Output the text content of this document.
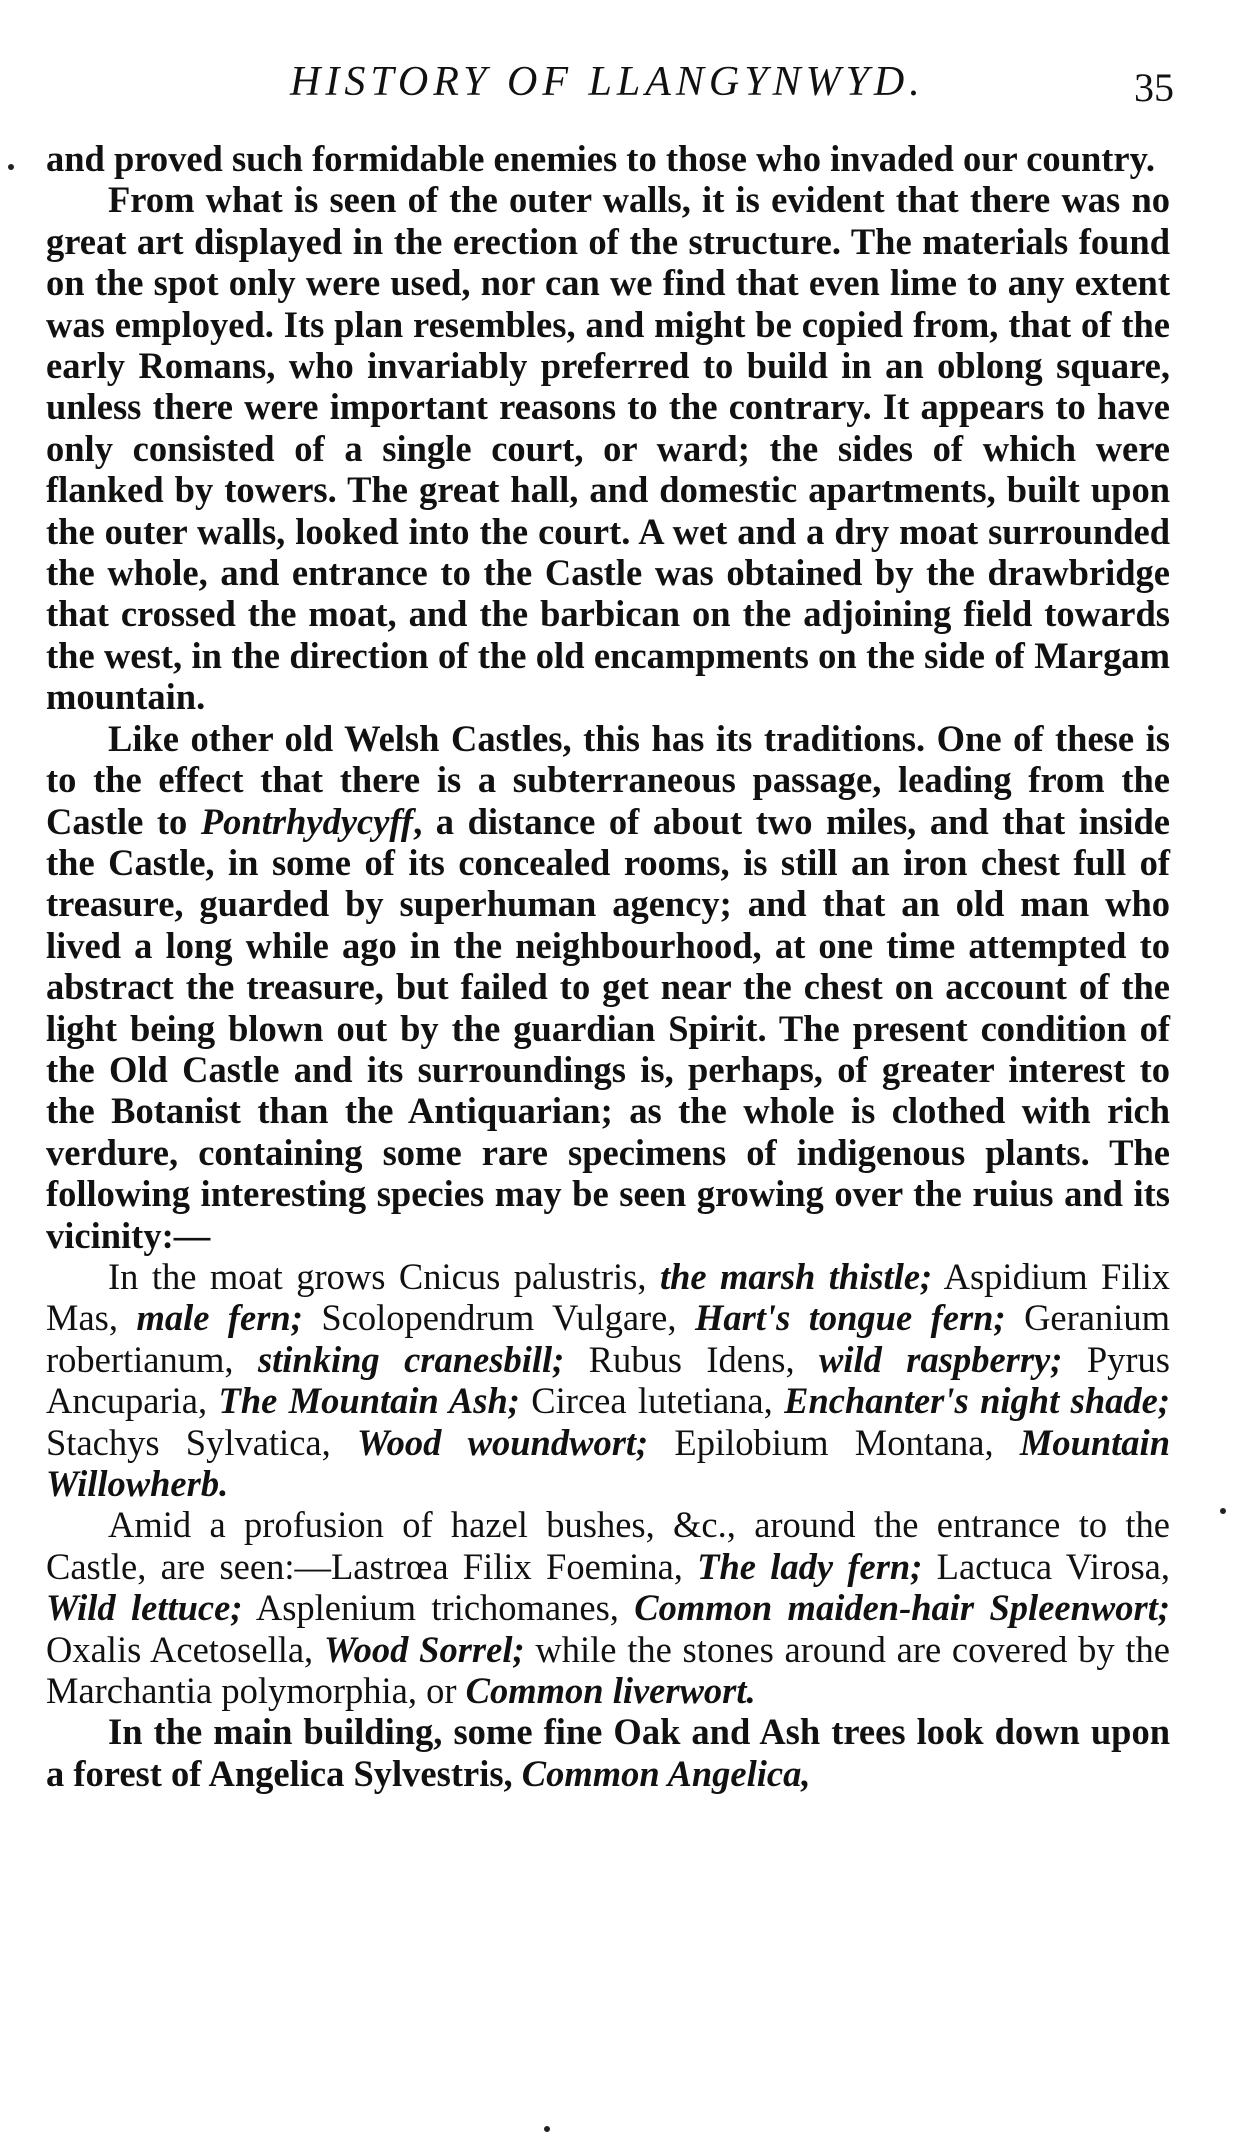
HISTORY OF LLANGYNWYD.	35

and proved such formidable enemies to those who invaded our country.

From what is seen of the outer walls, it is evident that there was no great art displayed in the erection of the structure. The materials found on the spot only were used, nor can we find that even lime to any extent was employed. Its plan resembles, and might be copied from, that of the early Romans, who invariably preferred to build in an oblong square, unless there were important reasons to the contrary. It appears to have only consisted of a single court, or ward; the sides of which were flanked by towers. The great hall, and domestic apartments, built upon the outer walls, looked into the court. A wet and a dry moat surrounded the whole, and entrance to the Castle was obtained by the drawbridge that crossed the moat, and the barbican on the adjoining field towards the west, in the direction of the old encampments on the side of Margam mountain.

Like other old Welsh Castles, this has its traditions. One of these is to the effect that there is a subterraneous passage, leading from the Castle to Pontrhydycyff, a distance of about two miles, and that inside the Castle, in some of its concealed rooms, is still an iron chest full of treasure, guarded by superhuman agency; and that an old man who lived a long while ago in the neighbourhood, at one time attempted to abstract the treasure, but failed to get near the chest on account of the light being blown out by the guardian Spirit. The present condition of the Old Castle and its surroundings is, perhaps, of greater interest to the Botanist than the Antiquarian; as the whole is clothed with rich verdure, containing some rare specimens of indigenous plants. The following interesting species may be seen growing over the ruius and its vicinity:—

In the moat grows Cnicus palustris, the marsh thistle; Aspidium Filix Mas, male fern; Scolopendrum Vulgare, Hart's tongue fern; Geranium robertianum, stinking cranesbill; Rubus Idens, wild raspberry; Pyrus Ancuparia, The Mountain Ash; Circea lutetiana, Enchanter's night shade; Stachys Sylvatica, Wood woundwort; Epilobium Montana, Mountain Willowherb.

Amid a profusion of hazel bushes, &c., around the entrance to the Castle, are seen:—Lastrœa Filix Foemina, The lady fern; Lactuca Virosa, Wild lettuce; Asplenium trichomanes, Common maiden-hair Spleenwort; Oxalis Acetosella, Wood Sorrel; while the stones around are covered by the Marchantia polymorphia, or Common liverwort.

In the main building, some fine Oak and Ash trees look down upon a forest of Angelica Sylvestris, Common Angelica,
